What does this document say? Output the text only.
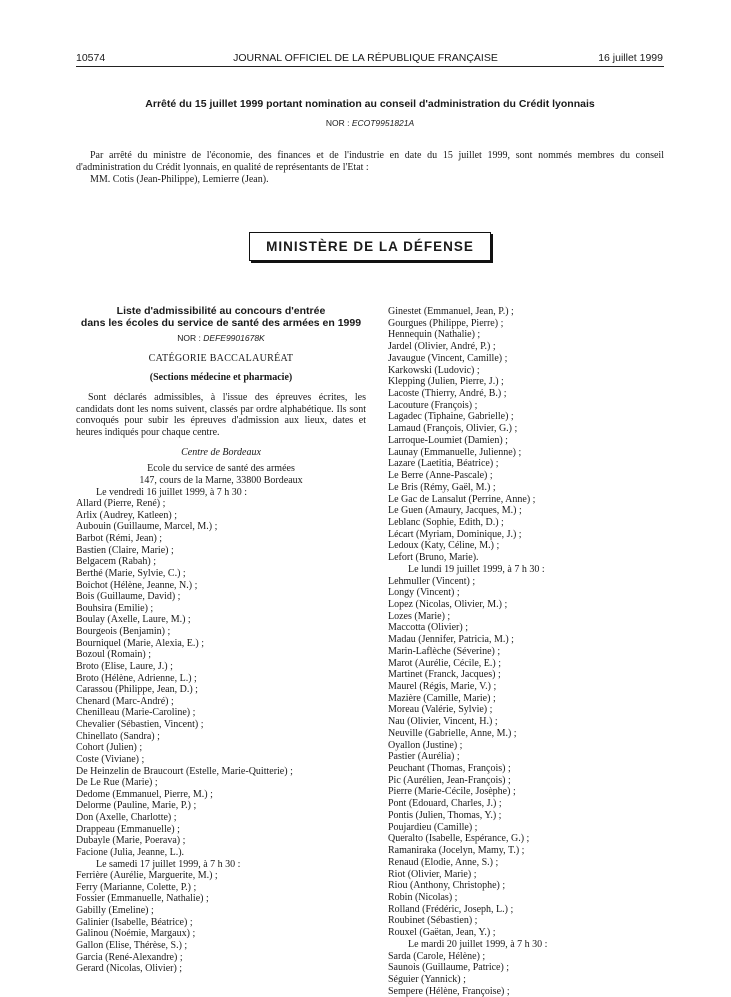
JOURNAL OFFICIEL DE LA RÉPUBLIQUE FRANÇAISE
10574	16 juillet 1999
Arrêté du 15 juillet 1999 portant nomination au conseil d'administration du Crédit lyonnais
NOR : ECOT9951821A

Par arrêté du ministre de l'économie, des finances et de l'industrie en date du 15 juillet 1999, sont nommés membres du conseil d'administration du Crédit lyonnais, en qualité de représentants de l'Etat :

MM. Cotis (Jean-Philippe), Lemierre (Jean).
MINISTÈRE DE LA DÉFENSE
Liste d'admissibilité au concours d'entrée
dans les écoles du service de santé des armées en 1999
NOR : DEFE9901678K
CATÉGORIE BACCALAURÉAT
(Sections médecine et pharmacie)

Sont déclarés admissibles, à l'issue des épreuves écrites, les candidats dont les noms suivent, classés par ordre alphabétique. Ils sont convoqués pour subir les épreuves d'admission aux lieux, dates et heures indiqués pour chaque centre.

Centre de Bordeaux
Ecole du service de santé des armées
147, cours de la Marne, 33800 Bordeaux
Le vendredi 16 juillet 1999, à 7 h 30 :
Allard (Pierre, René) ;
Arlix (Audrey, Katleen) ;
Aubouin (Guillaume, Marcel, M.) ;
Barbot (Rémi, Jean) ;
Bastien (Claire, Marie) ;
Belgacem (Rabah) ;
Berthé (Marie, Sylvie, C.) ;
Boichot (Hélène, Jeanne, N.) ;
Bois (Guillaume, David) ;
Bouhsira (Emilie) ;
Boulay (Axelle, Laure, M.) ;
Bourgeois (Benjamin) ;
Bourniquel (Marie, Alexia, E.) ;
Bozoul (Romain) ;
Broto (Elise, Laure, J.) ;
Broto (Hélène, Adrienne, L.) ;
Carassou (Philippe, Jean, D.) ;
Chenard (Marc-André) ;
Chenilleau (Marie-Caroline) ;
Chevalier (Sébastien, Vincent) ;
Chinellato (Sandra) ;
Cohort (Julien) ;
Coste (Viviane) ;
De Heinzelin de Braucourt (Estelle, Marie-Quitterie) ;
De Le Rue (Marie) ;
Dedome (Emmanuel, Pierre, M.) ;
Delorme (Pauline, Marie, P.) ;
Don (Axelle, Charlotte) ;
Drappeau (Emmanuelle) ;
Dubayle (Marie, Poerava) ;
Facione (Julia, Jeanne, L.).
Le samedi 17 juillet 1999, à 7 h 30 :
Ferrière (Aurélie, Marguerite, M.) ;
Ferry (Marianne, Colette, P.) ;
Fossier (Emmanuelle, Nathalie) ;
Gabilly (Emeline) ;
Galinier (Isabelle, Béatrice) ;
Galinou (Noémie, Margaux) ;
Gallon (Elise, Thérèse, S.) ;
Garcia (René-Alexandre) ;
Gerard (Nicolas, Olivier) ;
Ginestet (Emmanuel, Jean, P.) ;
Gourgues (Philippe, Pierre) ;
Hennequin (Nathalie) ;
Jardel (Olivier, André, P.) ;
Javaugue (Vincent, Camille) ;
Karkowski (Ludovic) ;
Klepping (Julien, Pierre, J.) ;
Lacoste (Thierry, André, B.) ;
Lacouture (François) ;
Lagadec (Tiphaine, Gabrielle) ;
Lamaud (François, Olivier, G.) ;
Larroque-Loumiet (Damien) ;
Launay (Emmanuelle, Julienne) ;
Lazare (Laetitia, Béatrice) ;
Le Berre (Anne-Pascale) ;
Le Bris (Rémy, Gaël, M.) ;
Le Gac de Lansalut (Perrine, Anne) ;
Le Guen (Amaury, Jacques, M.) ;
Leblanc (Sophie, Edith, D.) ;
Lécart (Myriam, Dominique, J.) ;
Ledoux (Katy, Céline, M.) ;
Lefort (Bruno, Marie).
Le lundi 19 juillet 1999, à 7 h 30 :
Lehmuller (Vincent) ;
Longy (Vincent) ;
Lopez (Nicolas, Olivier, M.) ;
Lozes (Marie) ;
Maccotta (Olivier) ;
Madau (Jennifer, Patricia, M.) ;
Marin-Laflèche (Séverine) ;
Marot (Aurélie, Cécile, E.) ;
Martinet (Franck, Jacques) ;
Maurel (Régis, Marie, V.) ;
Mazière (Camille, Marie) ;
Moreau (Valérie, Sylvie) ;
Nau (Olivier, Vincent, H.) ;
Neuville (Gabrielle, Anne, M.) ;
Oyallon (Justine) ;
Pastier (Aurélia) ;
Peuchant (Thomas, François) ;
Pic (Aurélien, Jean-François) ;
Pierre (Marie-Cécile, Josèphe) ;
Pont (Edouard, Charles, J.) ;
Pontis (Julien, Thomas, Y.) ;
Poujardieu (Camille) ;
Queralto (Isabelle, Espérance, G.) ;
Ramaniraka (Jocelyn, Mamy, T.) ;
Renaud (Elodie, Anne, S.) ;
Riot (Olivier, Marie) ;
Riou (Anthony, Christophe) ;
Robin (Nicolas) ;
Rolland (Frédéric, Joseph, L.) ;
Roubinet (Sébastien) ;
Rouxel (Gaëtan, Jean, Y.) ;
Le mardi 20 juillet 1999, à 7 h 30 :
Sarda (Carole, Hélène) ;
Saunois (Guillaume, Patrice) ;
Séguier (Yannick) ;
Sempere (Hélène, Françoise) ;
